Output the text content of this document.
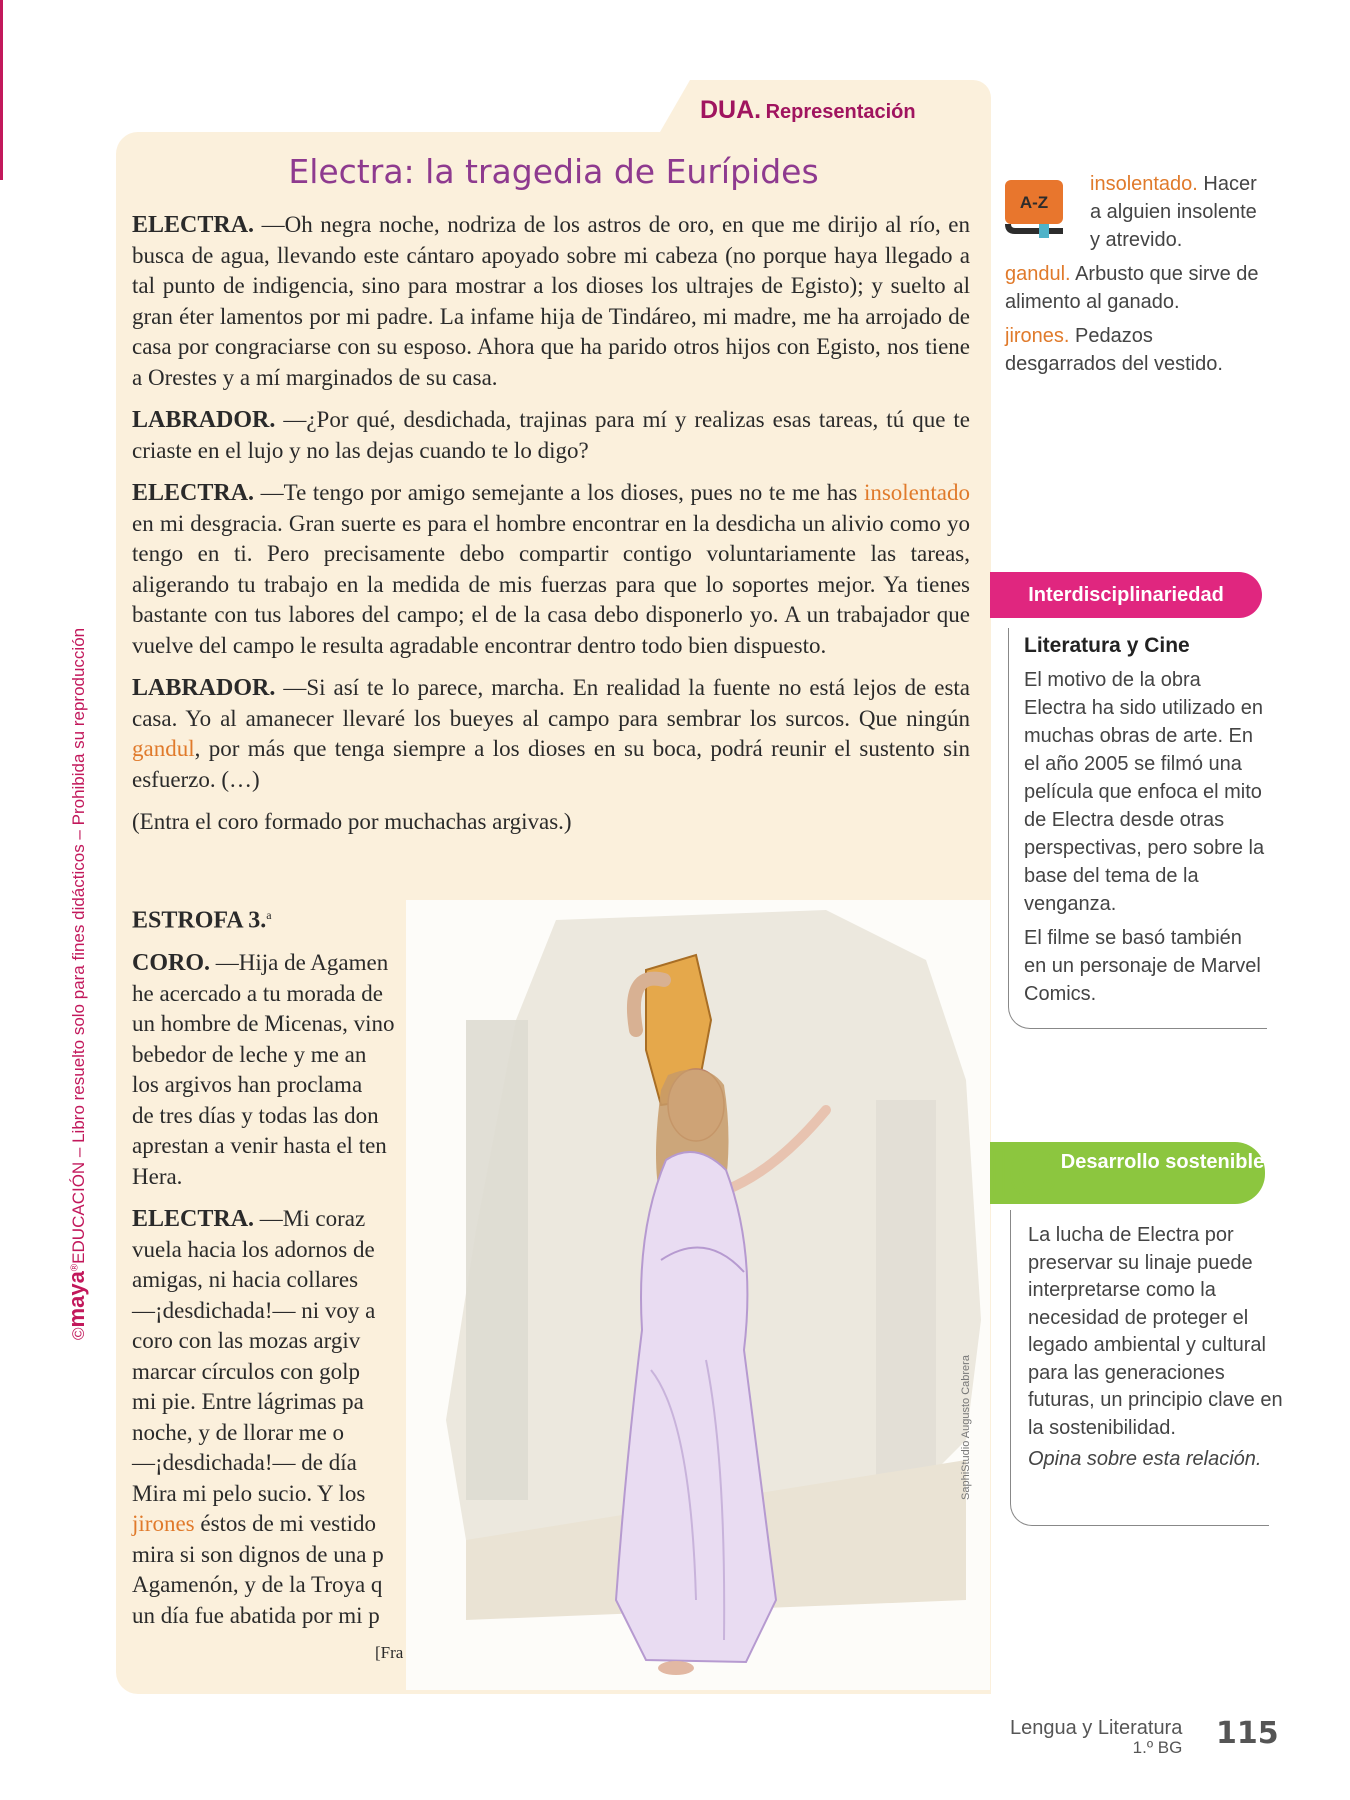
©maya®EDUCACIÓN – Libro resuelto solo para fines didácticos – Prohibida su reproducción
DUA. Representación
Electra: la tragedia de Eurípides

ELECTRA. —Oh negra noche, nodriza de los astros de oro, en que me dirijo al río, en busca de agua, llevando este cántaro apoyado sobre mi cabeza (no porque haya llegado a tal punto de indigencia, sino para mostrar a los dioses los ultrajes de Egisto); y suelto al gran éter lamentos por mi padre. La infame hija de Tindáreo, mi madre, me ha arrojado de casa por congraciarse con su esposo. Ahora que ha parido otros hijos con Egisto, nos tiene a Orestes y a mí marginados de su casa.

LABRADOR. —¿Por qué, desdichada, trajinas para mí y realizas esas tareas, tú que te criaste en el lujo y no las dejas cuando te lo digo?

ELECTRA. —Te tengo por amigo semejante a los dioses, pues no te me has insolentado en mi desgracia. Gran suerte es para el hombre encontrar en la desdicha un alivio como yo tengo en ti. Pero precisamente debo compartir contigo voluntariamente las tareas, aligerando tu trabajo en la medida de mis fuerzas para que lo soportes mejor. Ya tienes bastante con tus labores del campo; el de la casa debo disponerlo yo. A un trabajador que vuelve del campo le resulta agradable encontrar dentro todo bien dispuesto.

LABRADOR. —Si así te lo parece, marcha. En realidad la fuente no está lejos de esta casa. Yo al amanecer llevaré los bueyes al campo para sembrar los surcos. Que ningún gandul, por más que tenga siempre a los dioses en su boca, podrá reunir el sustento sin esfuerzo. (…)

(Entra el coro formado por muchachas argivas.)

ESTROFA 3.$^a$

CORO. —Hija de Agamen
he acercado a tu morada de
un hombre de Micenas, vino
bebedor de leche y me an
los argivos han proclama
de tres días y todas las don
aprestan a venir hasta el ten
Hera.

ELECTRA. —Mi coraz
vuela hacia los adornos de
amigas, ni hacia collares
—¡desdichada!— ni voy a
coro con las mozas argiv
marcar círculos con golp
mi pie. Entre lágrimas pa
noche, y de llorar me o
—¡desdichada!— de día
Mira mi pelo sucio. Y los
jirones éstos de mi vestido
mira si son dignos de una p
Agamenón, y de la Troya q
un día fue abatida por mi p

[Fra
SaphiStudio Augusto Cabrera
A-Z
insolentado. Hacer a alguien insolente y atrevido.
gandul. Arbusto que sirve de alimento al ganado.
jirones. Pedazos desgarrados del vestido.
Interdisciplinariedad
Literatura y Cine

El motivo de la obra Electra ha sido utilizado en muchas obras de arte. En el año 2005 se filmó una película que enfoca el mito de Electra desde otras perspectivas, pero sobre la base del tema de la venganza.

El filme se basó también en un personaje de Marvel Comics.

Desarrollo sostenible
IC
La lucha de Electra por preservar su linaje puede interpretarse como la necesidad de proteger el legado ambiental y cultural para las generaciones futuras, un principio clave en la sostenibilidad.
Opina sobre esta relación.
Lengua y Literatura
1.º BG 115
